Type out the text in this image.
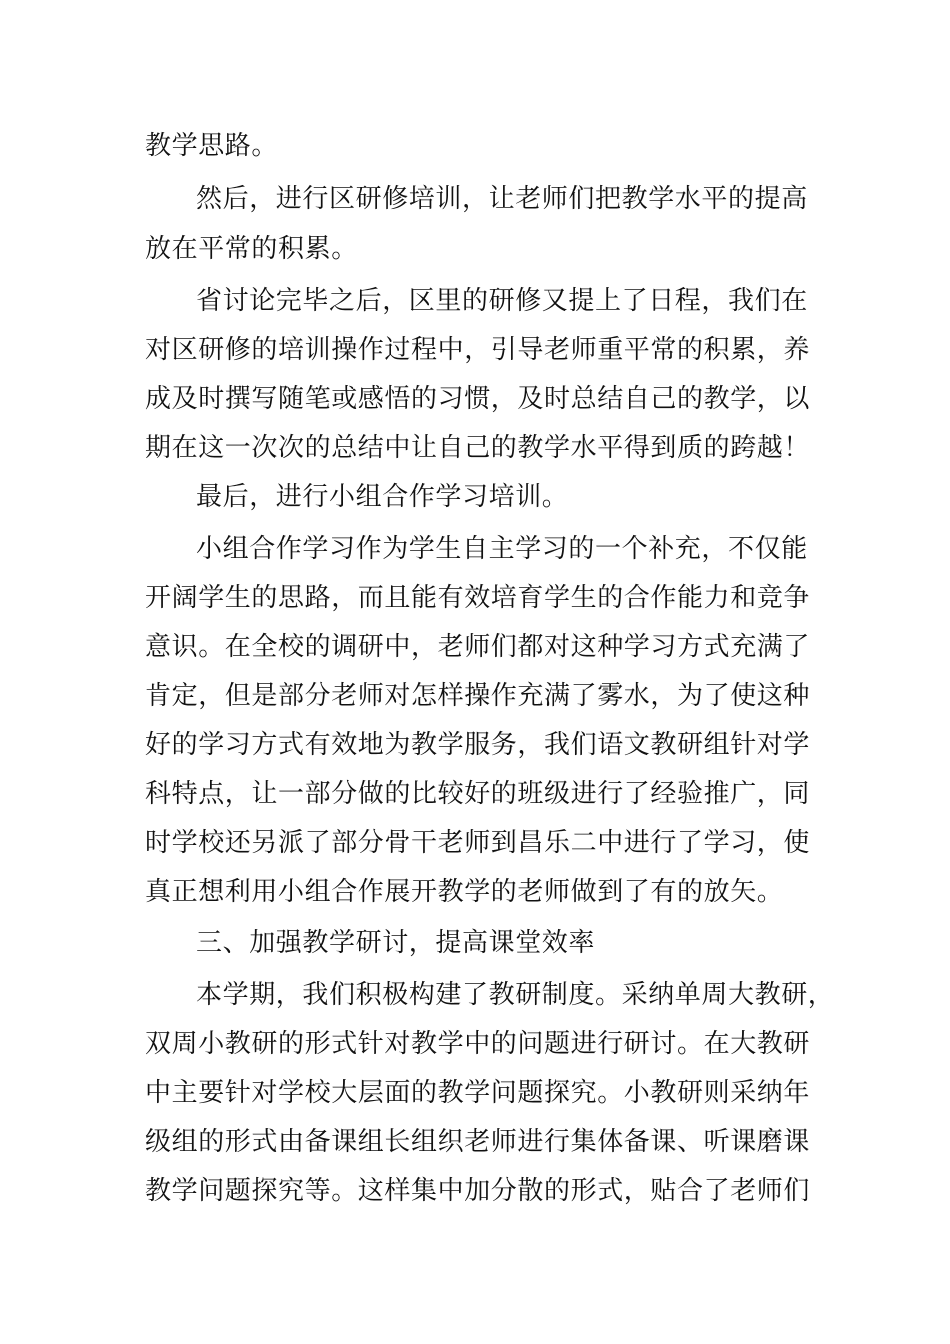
教学思路。
然后，进行区研修培训，让老师们把教学水平的提高
放在平常的积累。
省讨论完毕之后，区里的研修又提上了日程，我们在
对区研修的培训操作过程中，引导老师重平常的积累，养
成及时撰写随笔或感悟的习惯，及时总结自己的教学，以
期在这一次次的总结中让自己的教学水平得到质的跨越！
最后，进行小组合作学习培训。
小组合作学习作为学生自主学习的一个补充，不仅能
开阔学生的思路，而且能有效培育学生的合作能力和竞争
意识。在全校的调研中，老师们都对这种学习方式充满了
肯定，但是部分老师对怎样操作充满了雾水，为了使这种
好的学习方式有效地为教学服务，我们语文教研组针对学
科特点，让一部分做的比较好的班级进行了经验推广，同
时学校还另派了部分骨干老师到昌乐二中进行了学习，使
真正想利用小组合作展开教学的老师做到了有的放矢。
三、加强教学研讨，提高课堂效率
本学期，我们积极构建了教研制度。采纳单周大教研，
双周小教研的形式针对教学中的问题进行研讨。在大教研
中主要针对学校大层面的教学问题探究。小教研则采纳年
级组的形式由备课组长组织老师进行集体备课、听课磨课
教学问题探究等。这样集中加分散的形式，贴合了老师们
